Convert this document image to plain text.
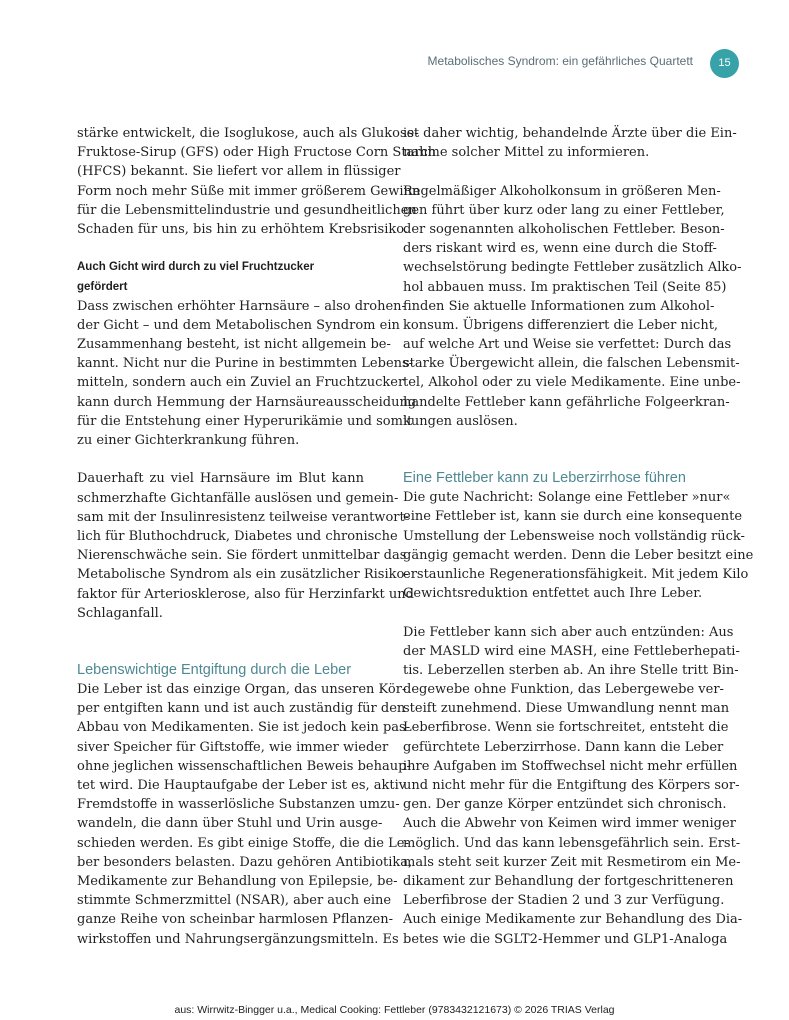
Metabolisches Syndrom: ein gefährliches Quartett	15
stärke entwickelt, die Isoglukose, auch als Glukose-
Fruktose-Sirup (GFS) oder High Fructose Corn Starch
(HFCS) bekannt. Sie liefert vor allem in flüssiger
Form noch mehr Süße mit immer größerem Gewinn
für die Lebensmittelindustrie und gesundheitlichen
Schaden für uns, bis hin zu erhöhtem Krebsrisiko.
Auch Gicht wird durch zu viel Fruchtzucker
gefördert
Dass zwischen erhöhter Harnsäure – also drohen-
der Gicht – und dem Metabolischen Syndrom ein
Zusammenhang besteht, ist nicht allgemein be-
kannt. Nicht nur die Purine in bestimmten Lebens-
mitteln, sondern auch ein Zuviel an Fruchtzucker
kann durch Hemmung der Harnsäureausscheidung
für die Entstehung einer Hyperurikämie und somit
zu einer Gichterkrankung führen.
Dauerhaft zu viel Harnsäure im Blut kann
schmerzhafte Gichtanfälle auslösen und gemein-
sam mit der Insulinresistenz teilweise verantwort-
lich für Bluthochdruck, Diabetes und chronische
Nierenschwäche sein. Sie fördert unmittelbar das
Metabolische Syndrom als ein zusätzlicher Risiko-
faktor für Arteriosklerose, also für Herzinfarkt und
Schlaganfall.
Lebenswichtige Entgiftung durch die Leber
Die Leber ist das einzige Organ, das unseren Kör-
per entgiften kann und ist auch zuständig für den
Abbau von Medikamenten. Sie ist jedoch kein pas-
siver Speicher für Giftstoffe, wie immer wieder
ohne jeglichen wissenschaftlichen Beweis behaup-
tet wird. Die Hauptaufgabe der Leber ist es, aktiv
Fremdstoffe in wasserlösliche Substanzen umzu-
wandeln, die dann über Stuhl und Urin ausge-
schieden werden. Es gibt einige Stoffe, die die Le-
ber besonders belasten. Dazu gehören Antibiotika,
Medikamente zur Behandlung von Epilepsie, be-
stimmte Schmerzmittel (NSAR), aber auch eine
ganze Reihe von scheinbar harmlosen Pflanzen-
wirkstoffen und Nahrungsergänzungsmitteln. Es
ist daher wichtig, behandelnde Ärzte über die Ein-
nahme solcher Mittel zu informieren.
Regelmäßiger Alkoholkonsum in größeren Men-
gen führt über kurz oder lang zu einer Fettleber,
der sogenannten alkoholischen Fettleber. Beson-
ders riskant wird es, wenn eine durch die Stoff-
wechselstörung bedingte Fettleber zusätzlich Alko-
hol abbauen muss. Im praktischen Teil (Seite 85)
finden Sie aktuelle Informationen zum Alkohol-
konsum. Übrigens differenziert die Leber nicht,
auf welche Art und Weise sie verfettet: Durch das
starke Übergewicht allein, die falschen Lebensmit-
tel, Alkohol oder zu viele Medikamente. Eine unbe-
handelte Fettleber kann gefährliche Folgeerkran-
kungen auslösen.
Eine Fettleber kann zu Leberzirrhose führen
Die gute Nachricht: Solange eine Fettleber »nur«
eine Fettleber ist, kann sie durch eine konsequente
Umstellung der Lebensweise noch vollständig rück-
gängig gemacht werden. Denn die Leber besitzt eine
erstaunliche Regenerationsfähigkeit. Mit jedem Kilo
Gewichtsreduktion entfettet auch Ihre Leber.
Die Fettleber kann sich aber auch entzünden: Aus
der MASLD wird eine MASH, eine Fettleberhepati-
tis. Leberzellen sterben ab. An ihre Stelle tritt Bin-
degewebe ohne Funktion, das Lebergewebe ver-
steift zunehmend. Diese Umwandlung nennt man
Leberfibrose. Wenn sie fortschreitet, entsteht die
gefürchtete Leberzirrhose. Dann kann die Leber
ihre Aufgaben im Stoffwechsel nicht mehr erfüllen
und nicht mehr für die Entgiftung des Körpers sor-
gen. Der ganze Körper entzündet sich chronisch.
Auch die Abwehr von Keimen wird immer weniger
möglich. Und das kann lebensgefährlich sein. Erst-
mals steht seit kurzer Zeit mit Resmetirom ein Me-
dikament zur Behandlung der fortgeschritteneren
Leberfibrose der Stadien 2 und 3 zur Verfügung.
Auch einige Medikamente zur Behandlung des Dia-
betes wie die SGLT2-Hemmer und GLP1-Analoga
aus: Wirrwitz-Bingger u.a., Medical Cooking: Fettleber (9783432121673) © 2026 TRIAS Verlag
